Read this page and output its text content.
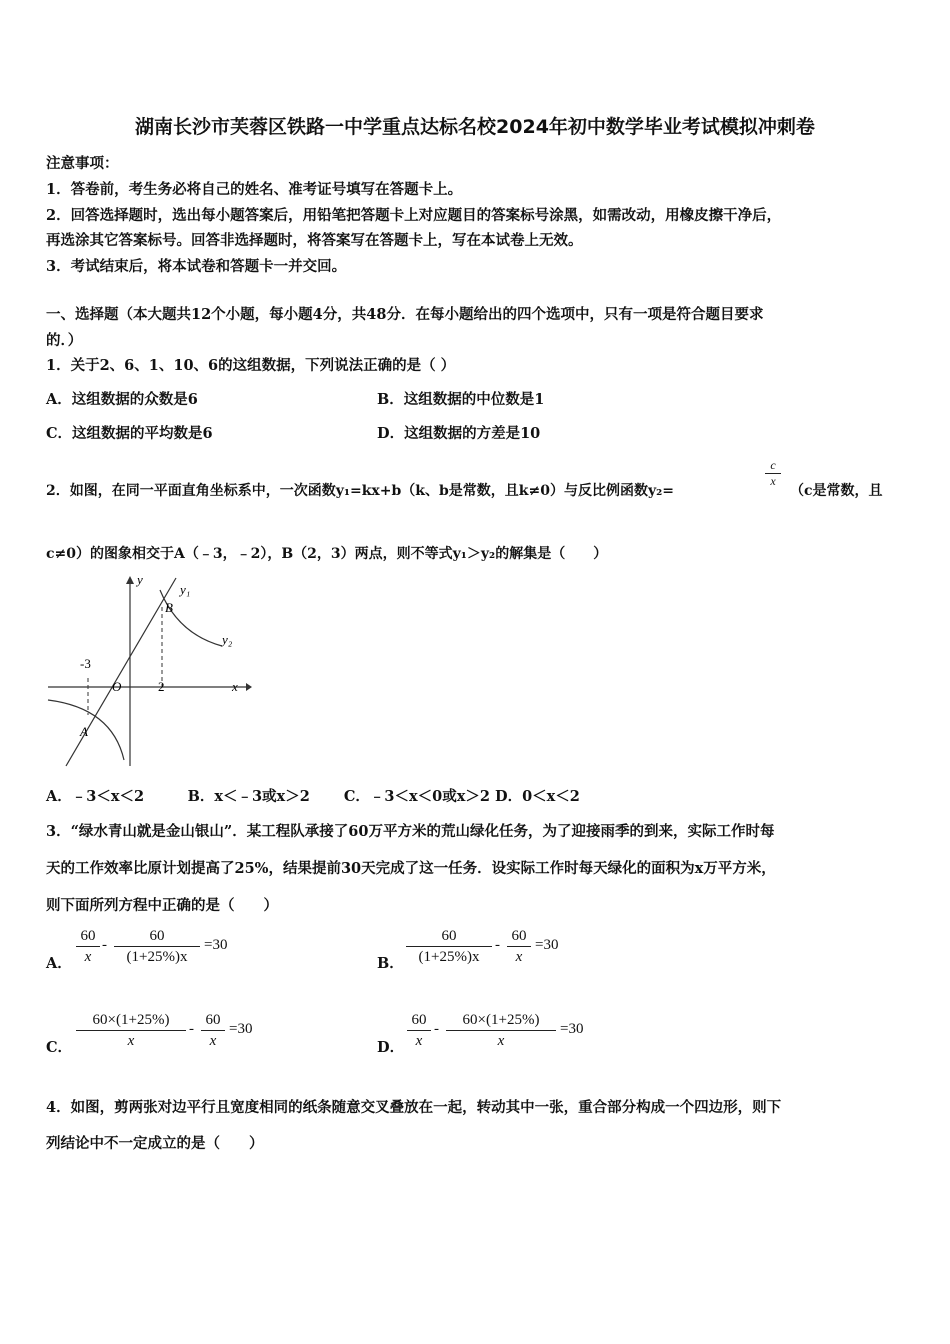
湖南长沙市芙蓉区铁路一中学重点达标名校2024年初中数学毕业考试模拟冲刺卷
注意事项：
1．答卷前，考生务必将自己的姓名、准考证号填写在答题卡上。
2．回答选择题时，选出每小题答案后，用铅笔把答题卡上对应题目的答案标号涂黑，如需改动，用橡皮擦干净后，
再选涂其它答案标号。回答非选择题时，将答案写在答题卡上，写在本试卷上无效。
3．考试结束后，将本试卷和答题卡一并交回。
一、选择题（本大题共12个小题，每小题4分，共48分．在每小题给出的四个选项中，只有一项是符合题目要求
的．）
1．关于2、6、1、10、6的这组数据，下列说法正确的是（ ）
A．这组数据的众数是6	B．这组数据的中位数是1
C．这组数据的平均数是6	D．这组数据的方差是10
2．如图，在同一平面直角坐标系中，一次函数y₁=kx+b（k、b是常数，且k≠0）与反比例函数y₂=
c
x
（c是常数，且
c≠0）的图象相交于A（﹣3，﹣2），B（2，3）两点，则不等式y₁＞y₂的解集是（　　）
y
x
O
y₁
y₂
B
A
-3
2
A．﹣3＜x＜2　　　B．x＜﹣3或x＞2　　 C．﹣3＜x＜0或x＞2 D．0＜x＜2
3．“绿水青山就是金山银山”．某工程队承接了60万平方米的荒山绿化任务，为了迎接雨季的到来，实际工作时每
天的工作效率比原计划提高了25%，结果提前30天完成了这一任务．设实际工作时每天绿化的面积为x万平方米，
则下面所列方程中正确的是（　　）
A．
60
x
-
60
(1+25%)x
=30
B．
60
(1+25%)x
-
60
x
=30
C．
60×(1+25%)
x
-
60
x
=30
D．
60
x
-
60×(1+25%)
x
=30
4．如图，剪两张对边平行且宽度相同的纸条随意交叉叠放在一起，转动其中一张，重合部分构成一个四边形，则下
列结论中不一定成立的是（　　）
